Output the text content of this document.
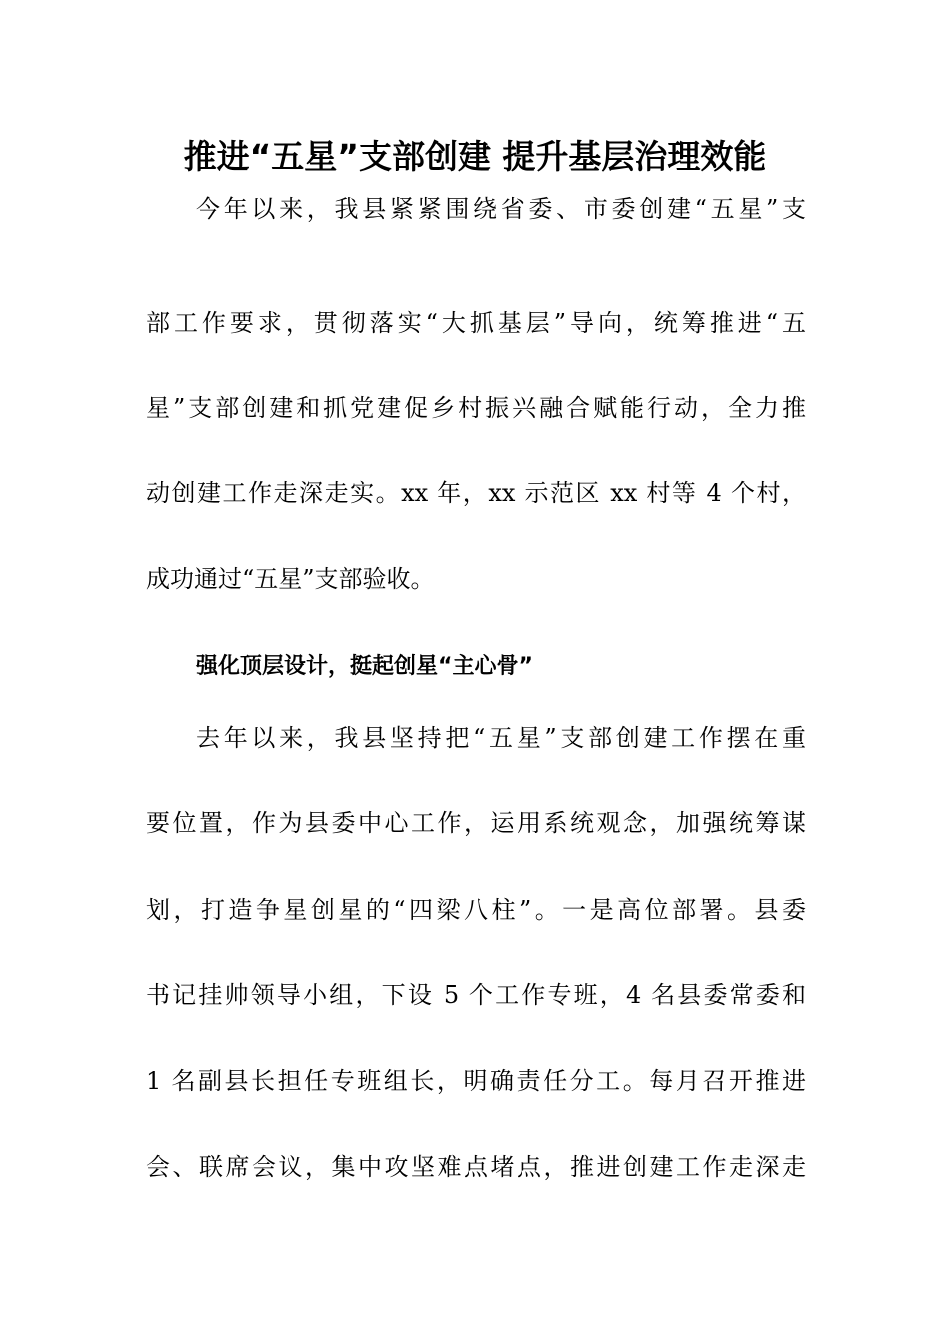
推进“五星”支部创建 提升基层治理效能
今年以来，我县紧紧围绕省委、市委创建“五星”支
部工作要求，贯彻落实“大抓基层”导向，统筹推进“五
星”支部创建和抓党建促乡村振兴融合赋能行动，全力推
动创建工作走深走实。xx 年，xx 示范区 xx 村等 4 个村，
成功通过“五星”支部验收。
强化顶层设计，挺起创星“主心骨”
去年以来，我县坚持把“五星”支部创建工作摆在重
要位置，作为县委中心工作，运用系统观念，加强统筹谋
划，打造争星创星的“四梁八柱”。一是高位部署。县委
书记挂帅领导小组，下设 5 个工作专班，4 名县委常委和
1 名副县长担任专班组长，明确责任分工。每月召开推进
会、联席会议，集中攻坚难点堵点，推进创建工作走深走
